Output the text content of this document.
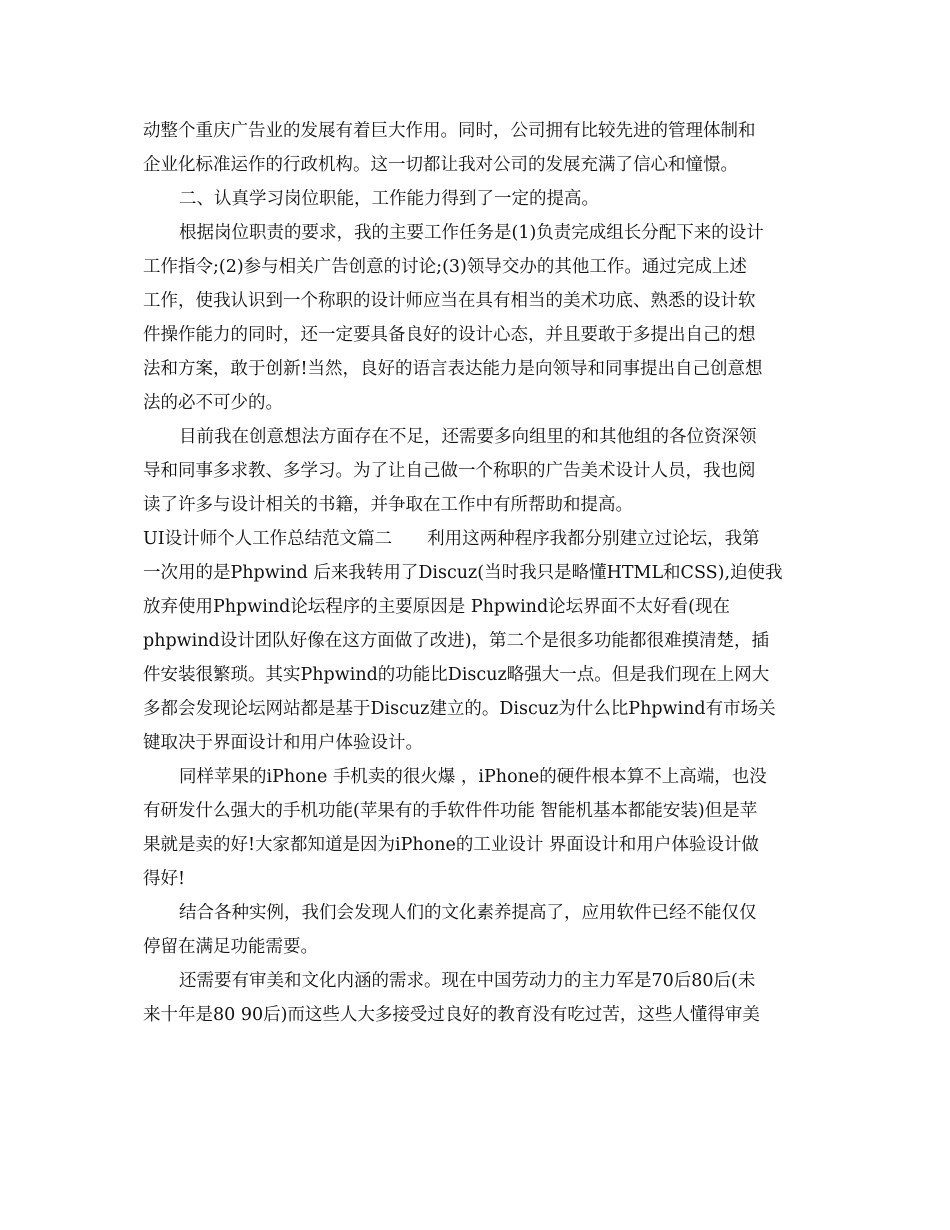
动整个重庆广告业的发展有着巨大作用。同时，公司拥有比较先进的管理体制和
企业化标准运作的行政机构。这一切都让我对公司的发展充满了信心和憧憬。
二、认真学习岗位职能，工作能力得到了一定的提高。
根据岗位职责的要求，我的主要工作任务是(1)负责完成组长分配下来的设计
工作指令;(2)参与相关广告创意的讨论;(3)领导交办的其他工作。通过完成上述
工作，使我认识到一个称职的设计师应当在具有相当的美术功底、熟悉的设计软
件操作能力的同时，还一定要具备良好的设计心态，并且要敢于多提出自己的想
法和方案，敢于创新!当然，良好的语言表达能力是向领导和同事提出自己创意想
法的必不可少的。
目前我在创意想法方面存在不足，还需要多向组里的和其他组的各位资深领
导和同事多求教、多学习。为了让自己做一个称职的广告美术设计人员，我也阅
读了许多与设计相关的书籍，并争取在工作中有所帮助和提高。
UI设计师个人工作总结范文篇二　　利用这两种程序我都分别建立过论坛，我第
一次用的是Phpwind 后来我转用了Discuz(当时我只是略懂HTML和CSS),迫使我
放弃使用Phpwind论坛程序的主要原因是 Phpwind论坛界面不太好看(现在
phpwind设计团队好像在这方面做了改进)，第二个是很多功能都很难摸清楚，插
件安装很繁琐。其实Phpwind的功能比Discuz略强大一点。但是我们现在上网大
多都会发现论坛网站都是基于Discuz建立的。Discuz为什么比Phpwind有市场关
键取决于界面设计和用户体验设计。
同样苹果的iPhone 手机卖的很火爆 ，iPhone的硬件根本算不上高端，也没
有研发什么强大的手机功能(苹果有的手软件件功能 智能机基本都能安装)但是苹
果就是卖的好!大家都知道是因为iPhone的工业设计 界面设计和用户体验设计做
得好!
结合各种实例，我们会发现人们的文化素养提高了，应用软件已经不能仅仅
停留在满足功能需要。
还需要有审美和文化内涵的需求。现在中国劳动力的主力军是70后80后(未
来十年是80 90后)而这些人大多接受过良好的教育没有吃过苦，这些人懂得审美
